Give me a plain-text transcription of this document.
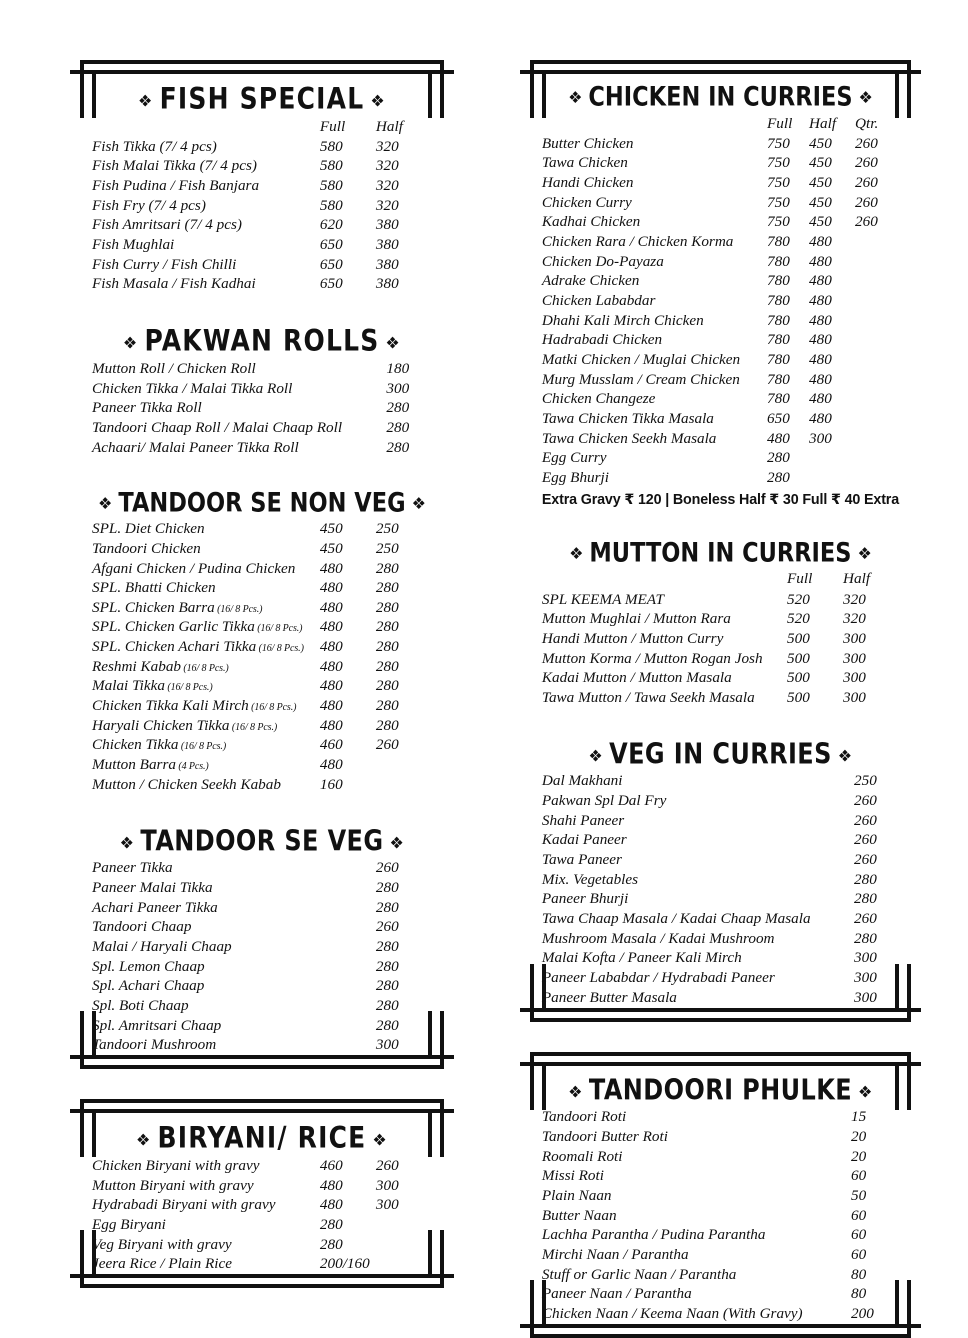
❖ FISH SPECIAL ❖
	Full	Half
Fish Tikka (7/ 4 pcs)	580	320
Fish Malai Tikka (7/ 4 pcs)	580	320
Fish Pudina / Fish Banjara	580	320
Fish Fry (7/ 4 pcs)	580	320
Fish Amritsari (7/ 4 pcs)	620	380
Fish Mughlai	650	380
Fish Curry / Fish Chilli	650	380
Fish Masala / Fish Kadhai	650	380
❖ PAKWAN ROLLS ❖
Mutton Roll / Chicken Roll		180
Chicken Tikka / Malai Tikka Roll		300
Paneer Tikka Roll		280
Tandoori Chaap Roll / Malai Chaap Roll		280
Achaari/ Malai Paneer Tikka Roll		280
❖ TANDOOR SE NON VEG ❖
SPL. Diet Chicken	450	250
Tandoori Chicken	450	250
Afgani Chicken / Pudina Chicken	480	280
SPL. Bhatti Chicken	480	280
SPL. Chicken Barra (16/ 8 Pcs.)	480	280
SPL. Chicken Garlic Tikka (16/ 8 Pcs.)	480	280
SPL. Chicken Achari Tikka (16/ 8 Pcs.)	480	280
Reshmi Kabab (16/ 8 Pcs.)	480	280
Malai Tikka (16/ 8 Pcs.)	480	280
Chicken Tikka Kali Mirch (16/ 8 Pcs.)	480	280
Haryali Chicken Tikka (16/ 8 Pcs.)	480	280
Chicken Tikka (16/ 8 Pcs.)	460	260
Mutton Barra (4 Pcs.)	480	
Mutton / Chicken Seekh Kabab	160	
❖ TANDOOR SE VEG ❖
Paneer Tikka		260
Paneer Malai Tikka		280
Achari Paneer Tikka		280
Tandoori Chaap		260
Malai / Haryali Chaap		280
Spl. Lemon Chaap		280
Spl. Achari Chaap		280
Spl. Boti Chaap		280
Spl. Amritsari Chaap		280
Tandoori Mushroom		300
❖ BIRYANI/ RICE ❖
Chicken Biryani with gravy	460	260
Mutton Biryani with gravy	480	300
Hydrabadi Biryani with gravy	480	300
Egg Biryani	280	
Veg Biryani with gravy	280	
Jeera Rice / Plain Rice	200/160	
❖ CHICKEN IN CURRIES ❖
	Full	Half	Qtr.
Butter Chicken	750	450	260
Tawa Chicken	750	450	260
Handi Chicken	750	450	260
Chicken Curry	750	450	260
Kadhai Chicken	750	450	260
Chicken Rara / Chicken Korma	780	480	
Chicken Do-Payaza	780	480	
Adrake Chicken	780	480	
Chicken Lababdar	780	480	
Dhahi Kali Mirch Chicken	780	480	
Hadrabadi Chicken	780	480	
Matki Chicken / Muglai Chicken	780	480	
Murg Musslam / Cream Chicken	780	480	
Chicken Changeze	780	480	
Tawa Chicken Tikka Masala	650	480	
Tawa Chicken Seekh Masala	480	300	
Egg Curry	280		
Egg Bhurji	280		
Extra Gravy ₹ 120 | Boneless Half ₹ 30 Full ₹ 40 Extra
❖ MUTTON IN CURRIES ❖
	Full	Half
SPL KEEMA MEAT	520	320
Mutton Mughlai / Mutton Rara	520	320
Handi Mutton / Mutton Curry	500	300
Mutton Korma / Mutton Rogan Josh	500	300
Kadai Mutton / Mutton Masala	500	300
Tawa Mutton / Tawa Seekh Masala	500	300
❖ VEG IN CURRIES ❖
Dal Makhani		250
Pakwan Spl Dal Fry		260
Shahi Paneer		260
Kadai Paneer		260
Tawa Paneer		260
Mix. Vegetables		280
Paneer Bhurji		280
Tawa Chaap Masala / Kadai Chaap Masala		260
Mushroom Masala / Kadai Mushroom		280
Malai Kofta / Paneer Kali Mirch		300
Paneer Lababdar / Hydrabadi Paneer		300
Paneer Butter Masala		300
❖ TANDOORI PHULKE ❖
Tandoori Roti		15
Tandoori Butter Roti		20
Roomali Roti		20
Missi Roti		60
Plain Naan		50
Butter Naan		60
Lachha Parantha / Pudina Parantha		60
Mirchi Naan / Parantha		60
Stuff or Garlic Naan / Parantha		80
Paneer Naan / Parantha		80
Chicken Naan / Keema Naan (With Gravy)		200
